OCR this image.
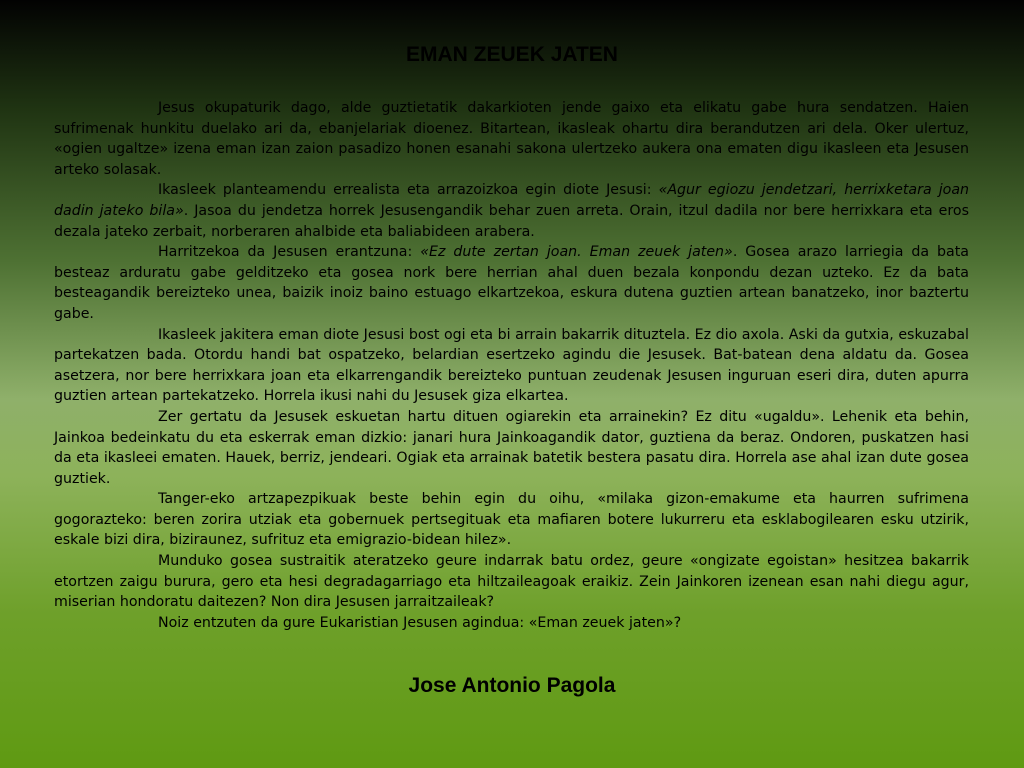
EMAN ZEUEK JATEN

Jesus okupaturik dago, alde guztietatik dakarkioten jende gaixo eta elikatu gabe hura sendatzen. Haien sufrimenak hunkitu duelako ari da, ebanjelariak dioenez. Bitartean, ikasleak ohartu dira berandutzen ari dela. Oker ulertuz, «ogien ugaltze» izena eman izan zaion pasadizo honen esanahi sakona ulertzeko aukera ona ematen digu ikasleen eta Jesusen arteko solasak.

Ikasleek planteamendu errealista eta arrazoizkoa egin diote Jesusi: «Agur egiozu jendetzari, herrixketara joan dadin jateko bila». Jasoa du jendetza horrek Jesusengandik behar zuen arreta. Orain, itzul dadila nor bere herrixkara eta eros dezala jateko zerbait, norberaren ahalbide eta baliabideen arabera.

Harritzekoa da Jesusen erantzuna: «Ez dute zertan joan. Eman zeuek jaten». Gosea arazo larriegia da bata besteaz arduratu gabe gelditzeko eta gosea nork bere herrian ahal duen bezala konpondu dezan uzteko. Ez da bata besteagandik bereizteko unea, baizik inoiz baino estuago elkartzekoa, eskura dutena guztien artean banatzeko, inor baztertu gabe.

Ikasleek jakitera eman diote Jesusi bost ogi eta bi arrain bakarrik dituztela. Ez dio axola. Aski da gutxia, eskuzabal partekatzen bada. Otordu handi bat ospatzeko, belardian esertzeko agindu die Jesusek. Bat-batean dena aldatu da. Gosea asetzera, nor bere herrixkara joan eta elkarrengandik bereizteko puntuan zeudenak Jesusen inguruan eseri dira, duten apurra guztien artean partekatzeko. Horrela ikusi nahi du Jesusek giza elkartea.

Zer gertatu da Jesusek eskuetan hartu dituen ogiarekin eta arrainekin? Ez ditu «ugaldu». Lehenik eta behin, Jainkoa bedeinkatu du eta eskerrak eman dizkio: janari hura Jainkoagandik dator, guztiena da beraz. Ondoren, puskatzen hasi da eta ikasleei ematen. Hauek, berriz, jendeari. Ogiak eta arrainak batetik bestera pasatu dira. Horrela ase ahal izan dute gosea guztiek.

Tanger-eko artzapezpikuak beste behin egin du oihu, «milaka gizon-emakume eta haurren sufrimena gogorazteko: beren zorira utziak eta gobernuek pertsegituak eta mafiaren botere lukurreru eta esklabogilearen esku utzirik, eskale bizi dira, biziraunez, sufrituz eta emigrazio-bidean hilez».

Munduko gosea sustraitik ateratzeko geure indarrak batu ordez, geure «ongizate egoistan» hesitzea bakarrik etortzen zaigu burura, gero eta hesi degradagarriago eta hiltzaileagoak eraikiz. Zein Jainkoren izenean esan nahi diegu agur, miserian hondoratu daitezen? Non dira Jesusen jarraitzaileak?

Noiz entzuten da gure Eukaristian Jesusen agindua: «Eman zeuek jaten»?

Jose Antonio Pagola
